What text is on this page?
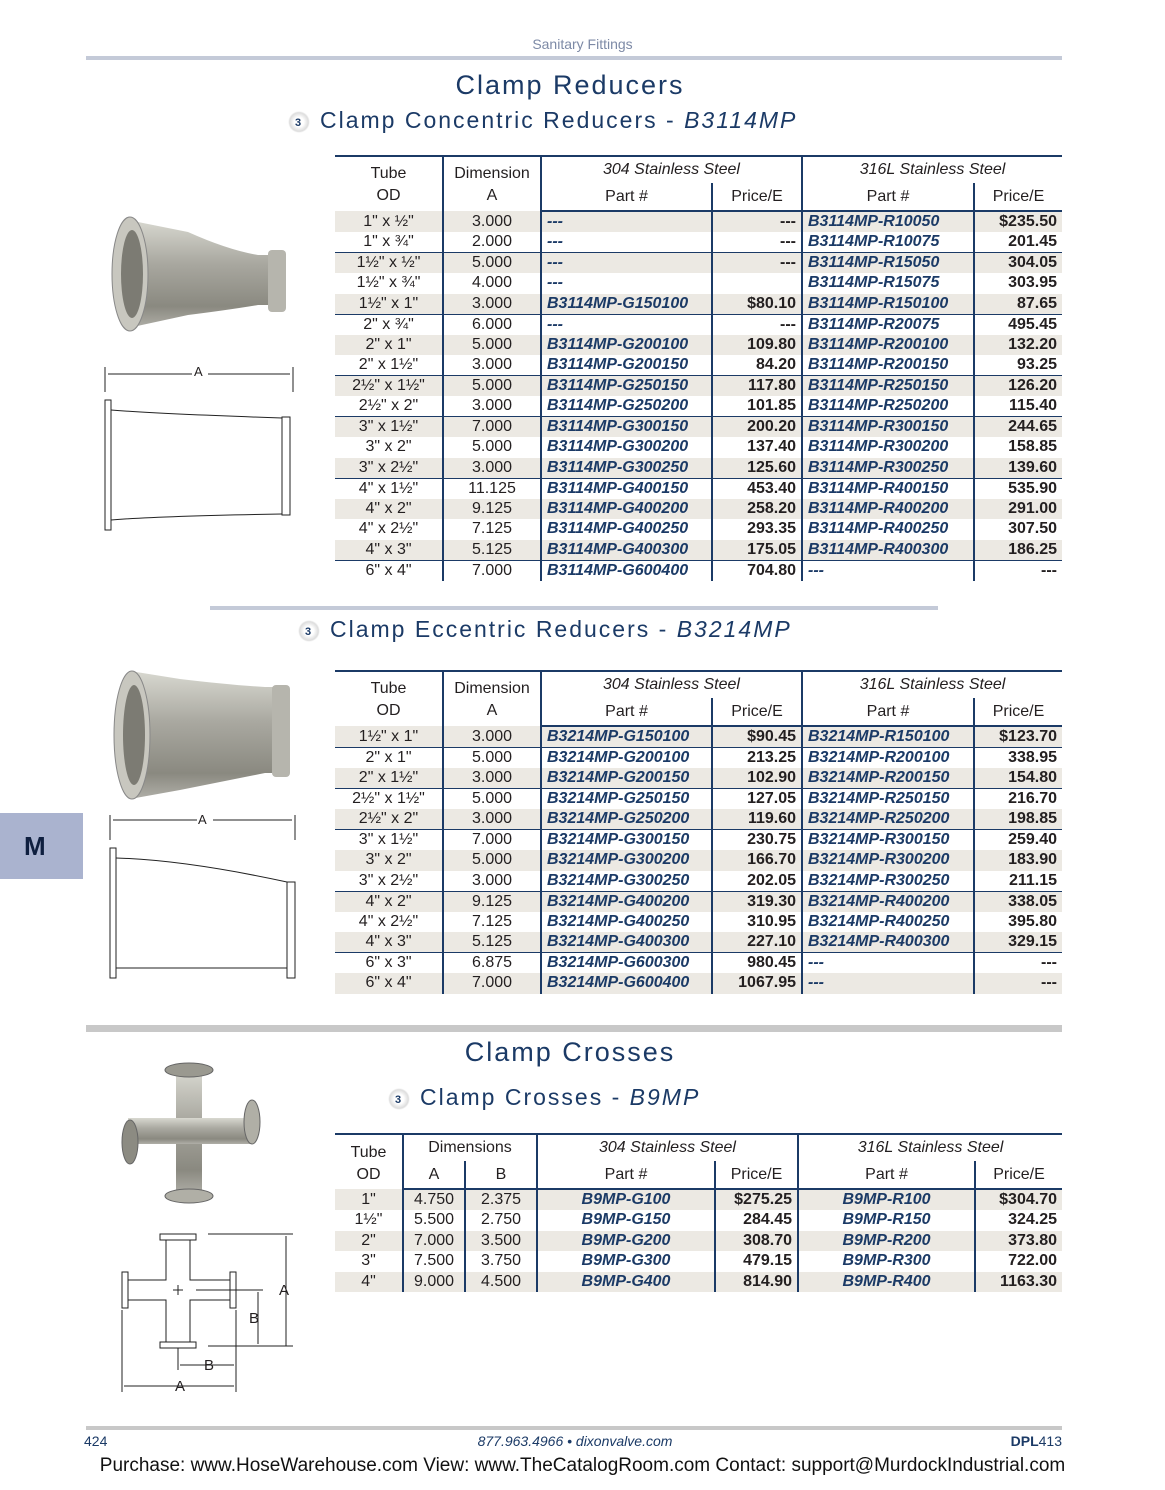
Sanitary Fittings
Clamp Reducers
3 Clamp Concentric Reducers - B3114MP
A
Tube
OD	Dimension
A	304 Stainless Steel		316L Stainless Steel	
		Part #	Price/E	Part #	Price/E
1" x ½"	3.000	---	---	B3114MP-R10050	$235.50
1" x ¾"	2.000	---	---	B3114MP-R10075	201.45
1½" x ½"	5.000	---	---	B3114MP-R15050	304.05
1½" x ¾"	4.000	---		B3114MP-R15075	303.95
1½" x 1"	3.000	B3114MP-G150100	$80.10	B3114MP-R150100	87.65
2" x ¾"	6.000	---	---	B3114MP-R20075	495.45
2" x 1"	5.000	B3114MP-G200100	109.80	B3114MP-R200100	132.20
2" x 1½"	3.000	B3114MP-G200150	84.20	B3114MP-R200150	93.25
2½" x 1½"	5.000	B3114MP-G250150	117.80	B3114MP-R250150	126.20
2½" x 2"	3.000	B3114MP-G250200	101.85	B3114MP-R250200	115.40
3" x 1½"	7.000	B3114MP-G300150	200.20	B3114MP-R300150	244.65
3" x 2"	5.000	B3114MP-G300200	137.40	B3114MP-R300200	158.85
3" x 2½"	3.000	B3114MP-G300250	125.60	B3114MP-R300250	139.60
4" x 1½"	11.125	B3114MP-G400150	453.40	B3114MP-R400150	535.90
4" x 2"	9.125	B3114MP-G400200	258.20	B3114MP-R400200	291.00
4" x 2½"	7.125	B3114MP-G400250	293.35	B3114MP-R400250	307.50
4" x 3"	5.125	B3114MP-G400300	175.05	B3114MP-R400300	186.25
6" x 4"	7.000	B3114MP-G600400	704.80	---	---
3 Clamp Eccentric Reducers - B3214MP
A
M
Tube
OD	Dimension
A	304 Stainless Steel		316L Stainless Steel	
		Part #	Price/E	Part #	Price/E
1½" x 1"	3.000	B3214MP-G150100	$90.45	B3214MP-R150100	$123.70
2" x 1"	5.000	B3214MP-G200100	213.25	B3214MP-R200100	338.95
2" x 1½"	3.000	B3214MP-G200150	102.90	B3214MP-R200150	154.80
2½" x 1½"	5.000	B3214MP-G250150	127.05	B3214MP-R250150	216.70
2½" x 2"	3.000	B3214MP-G250200	119.60	B3214MP-R250200	198.85
3" x 1½"	7.000	B3214MP-G300150	230.75	B3214MP-R300150	259.40
3" x 2"	5.000	B3214MP-G300200	166.70	B3214MP-R300200	183.90
3" x 2½"	3.000	B3214MP-G300250	202.05	B3214MP-R300250	211.15
4" x 2"	9.125	B3214MP-G400200	319.30	B3214MP-R400200	338.05
4" x 2½"	7.125	B3214MP-G400250	310.95	B3214MP-R400250	395.80
4" x 3"	5.125	B3214MP-G400300	227.10	B3214MP-R400300	329.15
6" x 3"	6.875	B3214MP-G600300	980.45	---	---
6" x 4"	7.000	B3214MP-G600400	1067.95	---	---
Clamp Crosses
3 Clamp Crosses - B9MP
A
B
B
A
Tube
OD	Dimensions		304 Stainless Steel		316L Stainless Steel	
	A	B	Part #	Price/E	Part #	Price/E
1"	4.750	2.375	B9MP-G100	$275.25	B9MP-R100	$304.70
1½"	5.500	2.750	B9MP-G150	284.45	B9MP-R150	324.25
2"	7.000	3.500	B9MP-G200	308.70	B9MP-R200	373.80
3"	7.500	3.750	B9MP-G300	479.15	B9MP-R300	722.00
4"	9.000	4.500	B9MP-G400	814.90	B9MP-R400	1163.30
424	877.963.4966 • dixonvalve.com	DPL413
Purchase: www.HoseWarehouse.com View: www.TheCatalogRoom.com Contact: support@MurdockIndustrial.com
